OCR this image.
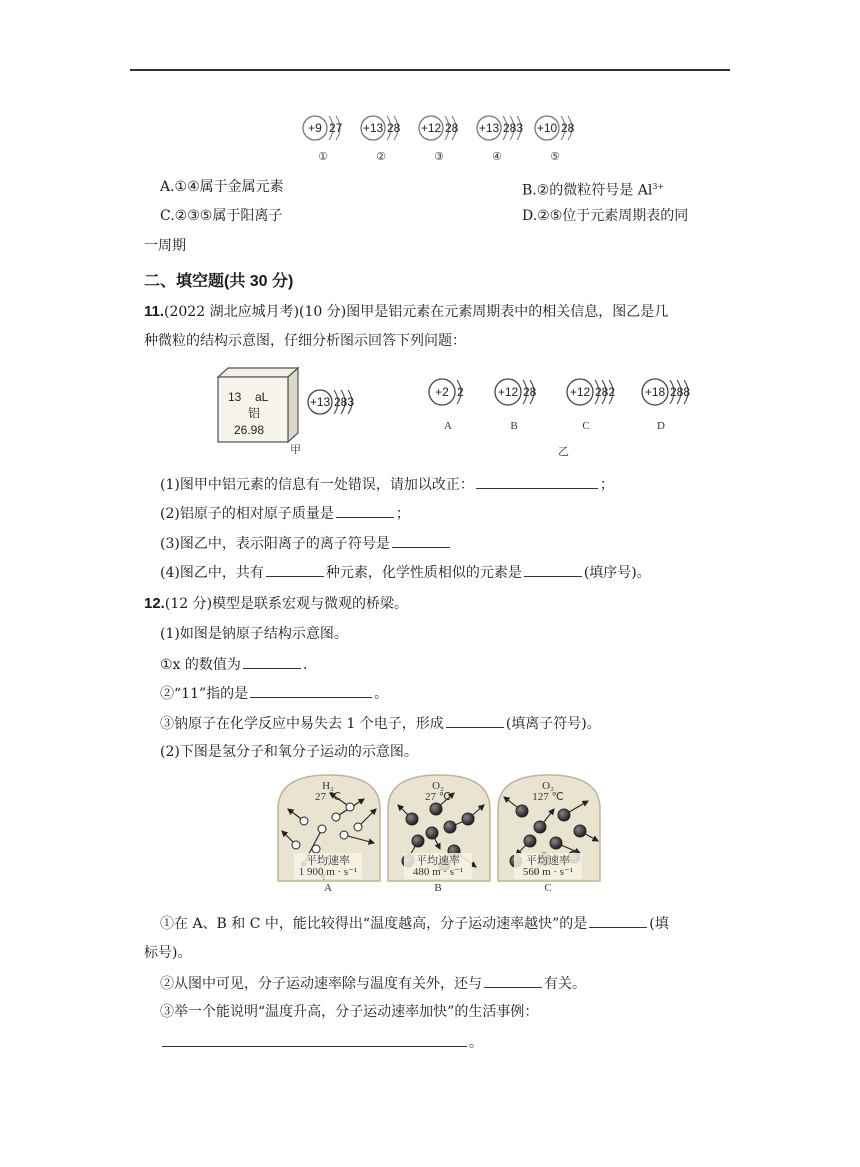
+9 27
①
+13 28
②
+12 28
③
+13 283
④
+10 28
⑤
A.①④属于金属元素	B.②的微粒符号是 $Al^{3+}$
C.②③⑤属于阳离子	D.②⑤位于元素周期表的同
一周期
二、填空题(共 30 分)
11.(2022 湖北应城月考)(10 分)图甲是铝元素在元素周期表中的相关信息，图乙是几
种微粒的结构示意图，仔细分析图示回答下列问题：
13 aL
铝
26.98
+13 283
甲
+2 2
A
+12 28
B
+12 282
C
+18 288
D
乙
(1)图甲中铝元素的信息有一处错误，请加以改正：	；
(2)铝原子的相对原子质量是	；
(3)图乙中，表示阳离子的离子符号是
(4)图乙中，共有	种元素，化学性质相似的元素是	(填序号)。
12.(12 分)模型是联系宏观与微观的桥梁。
(1)如图是钠原子结构示意图。
①x 的数值为	.
②“11”指的是	。
③钠原子在化学反应中易失去 1 个电子，形成	(填离子符号)。
(2)下图是氢分子和氧分子运动的示意图。
H₂
27 ℃
平均速率
1 900 m · s⁻¹
A
O₂
27 ℃
平均速率
480 m · s⁻¹
B
O₂
127 ℃
平均速率
560 m · s⁻¹
C
①在 A、B 和 C 中，能比较得出“温度越高，分子运动速率越快”的是	(填
标号)。
②从图中可见，分子运动速率除与温度有关外，还与	有关。
③举一个能说明“温度升高，分子运动速率加快”的生活事例：
。
